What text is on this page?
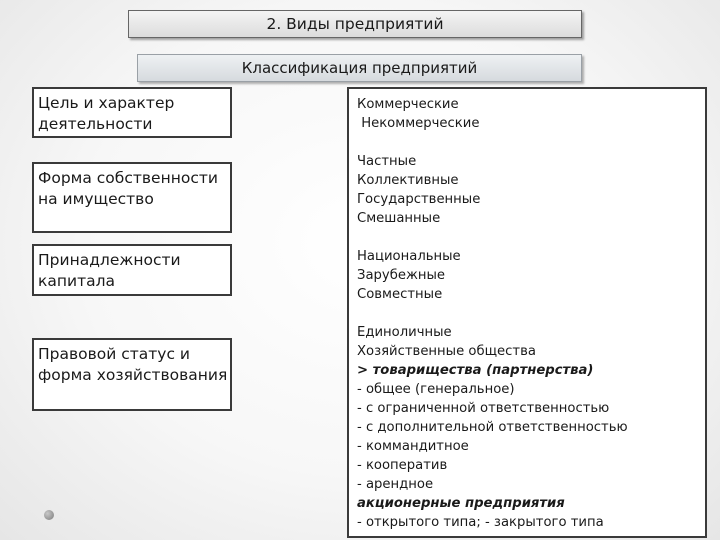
2. Виды предприятий
Классификация предприятий
Цель и характер деятельности
Форма собственности на имущество
Принадлежности капитала
Правовой статус и форма хозяйствования
Коммерческие
Некоммерческие
Частные
Коллективные
Государственные
Смешанные
Национальные
Зарубежные
Совместные
Единоличные
Хозяйственные общества
> товарищества (партнерства)
- общее (генеральное)
- с ограниченной ответственностью
- с дополнительной ответственностью
- коммандитное
- кооператив
- арендное
акционерные предприятия
- открытого типа; - закрытого типа
